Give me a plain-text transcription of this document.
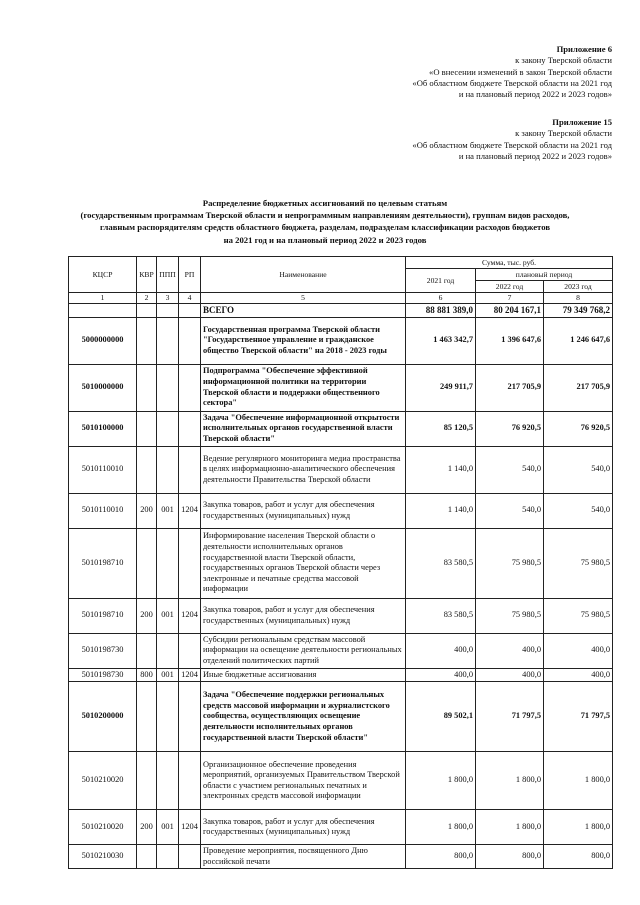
Приложение 6
к закону Тверской области
«О внесении изменений в закон Тверской области
«Об областном бюджете Тверской области на 2021 год
и на плановый период 2022 и 2023 годов»
Приложение 15
к закону Тверской области
«Об областном бюджете Тверской области на 2021 год
и на плановый период 2022 и 2023 годов»
Распределение бюджетных ассигнований по целевым статьям
(государственным программам Тверской области и непрограммным направлениям деятельности), группам видов расходов,
главным распорядителям средств областного бюджета, разделам, подразделам классификации расходов бюджетов
на 2021 год и на плановый период 2022 и 2023 годов
КЦСР	КВР	ППП	РП	Наименование	Сумма, тыс. руб.		
					2021 год	плановый период	
						2022 год	2023 год
1	2	3	4	5	6	7	8
				ВСЕГО	88 881 389,0	80 204 167,1	79 349 768,2
5000000000				Государственная программа Тверской области "Государственное управление и гражданское общество Тверской области" на 2018 - 2023 годы	1 463 342,7	1 396 647,6	1 246 647,6
5010000000				Подпрограмма "Обеспечение эффективной информационной политики на территории Тверской области и поддержки общественного сектора"	249 911,7	217 705,9	217 705,9
5010100000				Задача "Обеспечение информационной открытости исполнительных органов государственной власти Тверской области"	85 120,5	76 920,5	76 920,5
5010110010				Ведение регулярного мониторинга медиа пространства в целях информационно-аналитического обеспечения деятельности Правительства Тверской области	1 140,0	540,0	540,0
5010110010	200	001	1204	Закупка товаров, работ и услуг для обеспечения государственных (муниципальных) нужд	1 140,0	540,0	540,0
5010198710				Информирование населения Тверской области о деятельности исполнительных органов государственной власти Тверской области, государственных органов Тверской области через электронные и печатные средства массовой информации	83 580,5	75 980,5	75 980,5
5010198710	200	001	1204	Закупка товаров, работ и услуг для обеспечения государственных (муниципальных) нужд	83 580,5	75 980,5	75 980,5
5010198730				Субсидии региональным средствам массовой информации на освещение деятельности региональных отделений политических партий	400,0	400,0	400,0
5010198730	800	001	1204	Иные бюджетные ассигнования	400,0	400,0	400,0
5010200000				Задача "Обеспечение поддержки региональных средств массовой информации и журналистского сообщества, осуществляющих освещение деятельности исполнительных органов государственной власти Тверской области"	89 502,1	71 797,5	71 797,5
5010210020				Организационное обеспечение проведения мероприятий, организуемых Правительством Тверской области с участием региональных печатных и электронных средств массовой информации	1 800,0	1 800,0	1 800,0
5010210020	200	001	1204	Закупка товаров, работ и услуг для обеспечения государственных (муниципальных) нужд	1 800,0	1 800,0	1 800,0
5010210030				Проведение мероприятия, посвященного Дню российской печати	800,0	800,0	800,0
